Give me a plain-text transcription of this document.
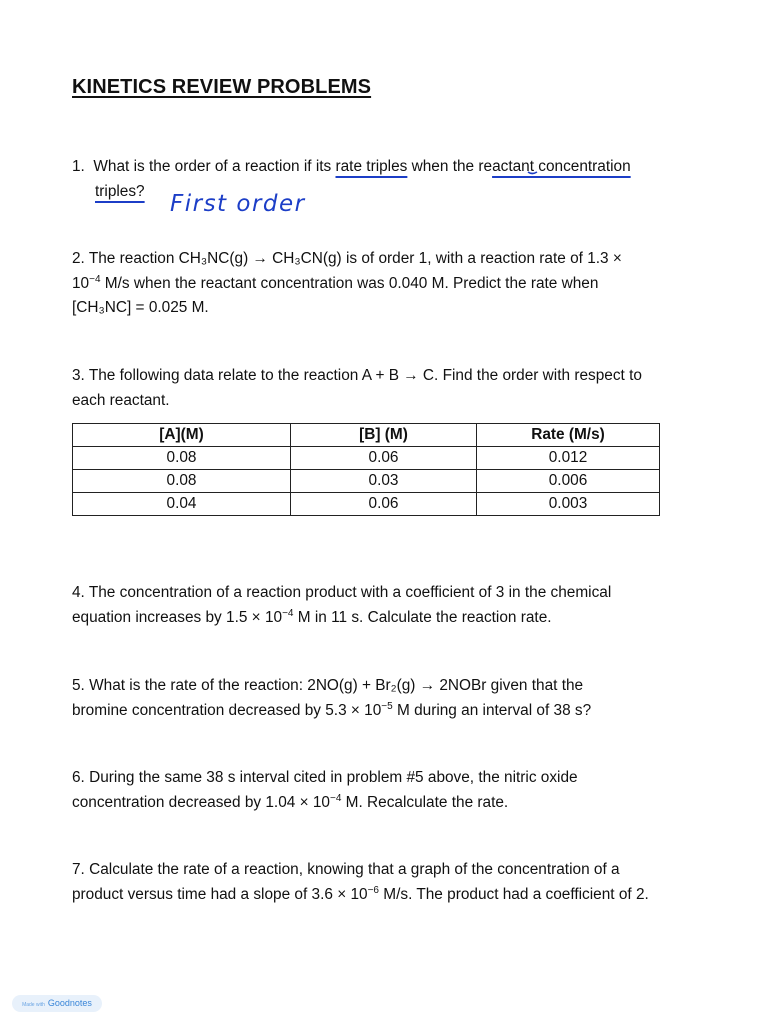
KINETICS REVIEW PROBLEMS

1. What is the order of a reaction if its rate triples when the reactant concentration

triples?	First order

2. The reaction CH₃NC(g) → CH₃CN(g) is of order 1, with a reaction rate of 1.3 ×

$10^{-4}$ M/s when the reactant concentration was 0.040 M. Predict the rate when

[CH₃NC] = 0.025 M.

3. The following data relate to the reaction A + B → C. Find the order with respect to

each reactant.

[A](M)	[B] (M)	Rate (M/s)
0.08	0.06	0.012
0.08	0.03	0.006
0.04	0.06	0.003

4. The concentration of a reaction product with a coefficient of 3 in the chemical

equation increases by $1.5 \times 10^{-4}$ M in 11 s. Calculate the reaction rate.

5. What is the rate of the reaction: 2NO(g) + Br₂(g) → 2NOBr given that the

bromine concentration decreased by $5.3 \times 10^{-5}$ M during an interval of 38 s?

6. During the same 38 s interval cited in problem #5 above, the nitric oxide

concentration decreased by $1.04 \times 10^{-4}$ M. Recalculate the rate.

7. Calculate the rate of a reaction, knowing that a graph of the concentration of a

product versus time had a slope of $3.6 \times 10^{-6}$ M/s. The product had a coefficient of 2.

Made with Goodnotes
